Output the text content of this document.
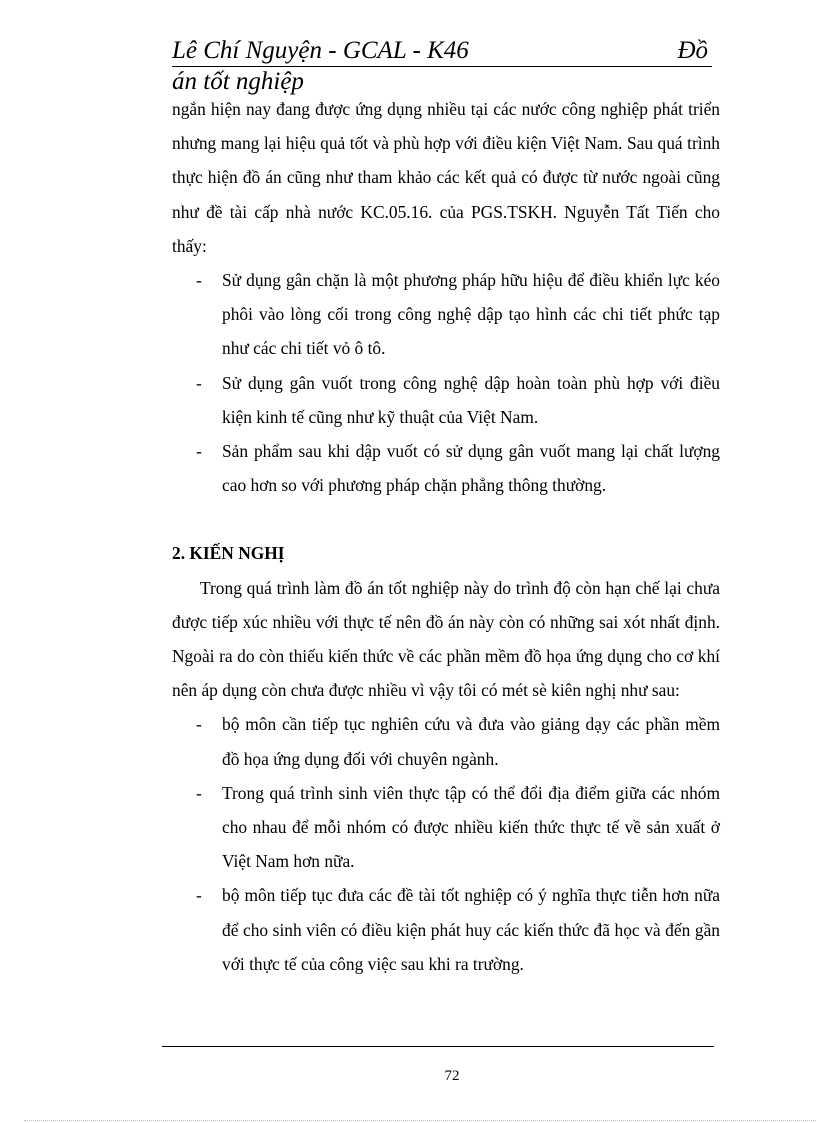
Lê Chí Nguyện - GCAL - K46	Đồ
án tốt nghiệp

ngắn hiện nay đang được ứng dụng nhiều tại các nước công nghiệp phát triển nhưng mang lại hiệu quả tốt và phù hợp với điều kiện Việt Nam. Sau quá trình thực hiện đồ án cũng như tham khảo các kết quả có được từ nước ngoài cũng như đề tài cấp nhà nước KC.05.16. của PGS.TSKH. Nguyễn Tất Tiến cho thấy:

- Sử dụng gân chặn là một phương pháp hữu hiệu để điều khiển lực kéo phôi vào lòng cối trong công nghệ dập tạo hình các chi tiết phức tạp như các chi tiết vỏ ô tô.
- Sử dụng gân vuốt trong công nghệ dập hoàn toàn phù hợp với điều kiện kinh tế cũng như kỹ thuật của Việt Nam.
- Sản phẩm sau khi dập vuốt có sử dụng gân vuốt mang lại chất lượng cao hơn so với phương pháp chặn phẳng thông thường.
2. KIẾN NGHỊ

Trong quá trình làm đồ án tốt nghiệp này do trình độ còn hạn chế lại chưa được tiếp xúc nhiều với thực tế nên đồ án này còn có những sai xót nhất định. Ngoài ra do còn thiếu kiến thức về các phần mềm đồ họa ứng dụng cho cơ khí nên áp dụng còn chưa được nhiều vì vậy tôi có mét sè kiên nghị như sau:

- bộ môn cần tiếp tục nghiên cứu và đưa vào giảng dạy các phần mềm đồ họa ứng dụng đối với chuyên ngành.
- Trong quá trình sinh viên thực tập có thể đổi địa điểm giữa các nhóm cho nhau để mỗi nhóm có được nhiều kiến thức thực tế về sản xuất ở Việt Nam hơn nữa.
- bộ môn tiếp tục đưa các đề tài tốt nghiệp có ý nghĩa thực tiễn hơn nữa để cho sinh viên có điều kiện phát huy các kiến thức đã học và đến gần với thực tế của công việc sau khi ra trường.
72
